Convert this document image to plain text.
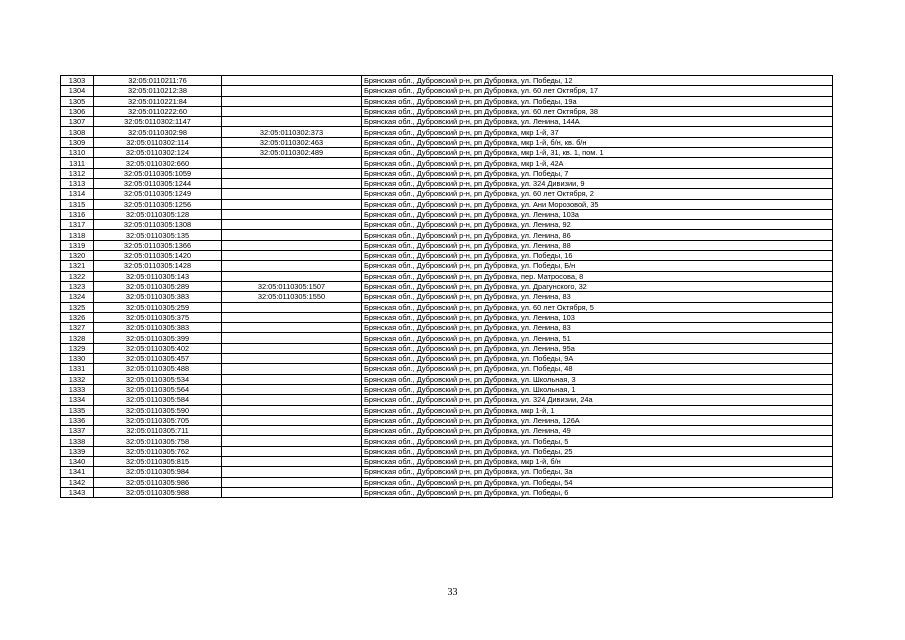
1303	32:05:0110211:76		Брянская обл., Дубровский р-н, рп Дубровка, ул. Победы, 12
1304	32:05:0110212:38		Брянская обл., Дубровский р-н, рп Дубровка, ул. 60 лет Октября, 17
1305	32:05:0110221:84		Брянская обл., Дубровский р-н, рп Дубровка, ул. Победы, 19а
1306	32:05:0110222:60		Брянская обл., Дубровский р-н, рп Дубровка, ул. 60 лет Октября, 38
1307	32:05:0110302:1147		Брянская обл., Дубровский р-н, рп Дубровка, ул. Ленина, 144А
1308	32:05:0110302:98	32:05:0110302:373	Брянская обл., Дубровский р-н, рп Дубровка, мкр 1-й, 37
1309	32:05:0110302:114	32:05:0110302:463	Брянская обл., Дубровский р-н, рп Дубровка, мкр 1-й, б/н, кв. б/н
1310	32:05:0110302:124	32:05:0110302:489	Брянская обл., Дубровский р-н, рп Дубровка, мкр 1-й, 31, кв. 1, пом. 1
1311	32:05:0110302:660		Брянская обл., Дубровский р-н, рп Дубровка, мкр 1-й, 42А
1312	32:05:0110305:1059		Брянская обл., Дубровский р-н, рп Дубровка, ул. Победы, 7
1313	32:05:0110305:1244		Брянская обл., Дубровский р-н, рп Дубровка, ул. 324 Дивизии, 9
1314	32:05:0110305:1249		Брянская обл., Дубровский р-н, рп Дубровка, ул. 60 лет Октября, 2
1315	32:05:0110305:1256		Брянская обл., Дубровский р-н, рп Дубровка, ул. Ани Морозовой, 35
1316	32:05:0110305:128		Брянская обл., Дубровский р-н, рп Дубровка, ул. Ленина, 103а
1317	32:05:0110305:1308		Брянская обл., Дубровский р-н, рп Дубровка, ул. Ленина, 92
1318	32:05:0110305:135		Брянская обл., Дубровский р-н, рп Дубровка, ул. Ленина, 86
1319	32:05:0110305:1366		Брянская обл., Дубровский р-н, рп Дубровка, ул. Ленина, 88
1320	32:05:0110305:1420		Брянская обл., Дубровский р-н, рп Дубровка, ул. Победы, 16
1321	32:05:0110305:1428		Брянская обл., Дубровский р-н, рп Дубровка, ул. Победы, Б/н
1322	32:05:0110305:143		Брянская обл., Дубровский р-н, рп Дубровка, пер. Матросова, 8
1323	32:05:0110305:289	32:05:0110305:1507	Брянская обл., Дубровский р-н, рп Дубровка, ул. Драгунского, 32
1324	32:05:0110305:383	32:05:0110305:1550	Брянская обл., Дубровский р-н, рп Дубровка, ул. Ленина, 83
1325	32:05:0110305:259		Брянская обл., Дубровский р-н, рп Дубровка, ул. 60 лет Октября, 5
1326	32:05:0110305:375		Брянская обл., Дубровский р-н, рп Дубровка, ул. Ленина, 103
1327	32:05:0110305:383		Брянская обл., Дубровский р-н, рп Дубровка, ул. Ленина, 83
1328	32:05:0110305:399		Брянская обл., Дубровский р-н, рп Дубровка, ул. Ленина, 51
1329	32:05:0110305:402		Брянская обл., Дубровский р-н, рп Дубровка, ул. Ленина, 95а
1330	32:05:0110305:457		Брянская обл., Дубровский р-н, рп Дубровка, ул. Победы, 9А
1331	32:05:0110305:488		Брянская обл., Дубровский р-н, рп Дубровка, ул. Победы, 48
1332	32:05:0110305:534		Брянская обл., Дубровский р-н, рп Дубровка, ул. Школьная, 3
1333	32:05:0110305:564		Брянская обл., Дубровский р-н, рп Дубровка, ул. Школьная, 1
1334	32:05:0110305:584		Брянская обл., Дубровский р-н, рп Дубровка, ул. 324 Дивизии, 24а
1335	32:05:0110305:590		Брянская обл., Дубровский р-н, рп Дубровка, мкр 1-й, 1
1336	32:05:0110305:705		Брянская обл., Дубровский р-н, рп Дубровка, ул. Ленина, 126А
1337	32:05:0110305:711		Брянская обл., Дубровский р-н, рп Дубровка, ул. Ленина, 49
1338	32:05:0110305:758		Брянская обл., Дубровский р-н, рп Дубровка, ул. Победы, 5
1339	32:05:0110305:762		Брянская обл., Дубровский р-н, рп Дубровка, ул. Победы, 25
1340	32:05:0110305:815		Брянская обл., Дубровский р-н, рп Дубровка, мкр 1-й, б/н
1341	32:05:0110305:984		Брянская обл., Дубровский р-н, рп Дубровка, ул. Победы, 3а
1342	32:05:0110305:986		Брянская обл., Дубровский р-н, рп Дубровка, ул. Победы, 54
1343	32:05:0110305:988		Брянская обл., Дубровский р-н, рп Дубровка, ул. Победы, 6
33
